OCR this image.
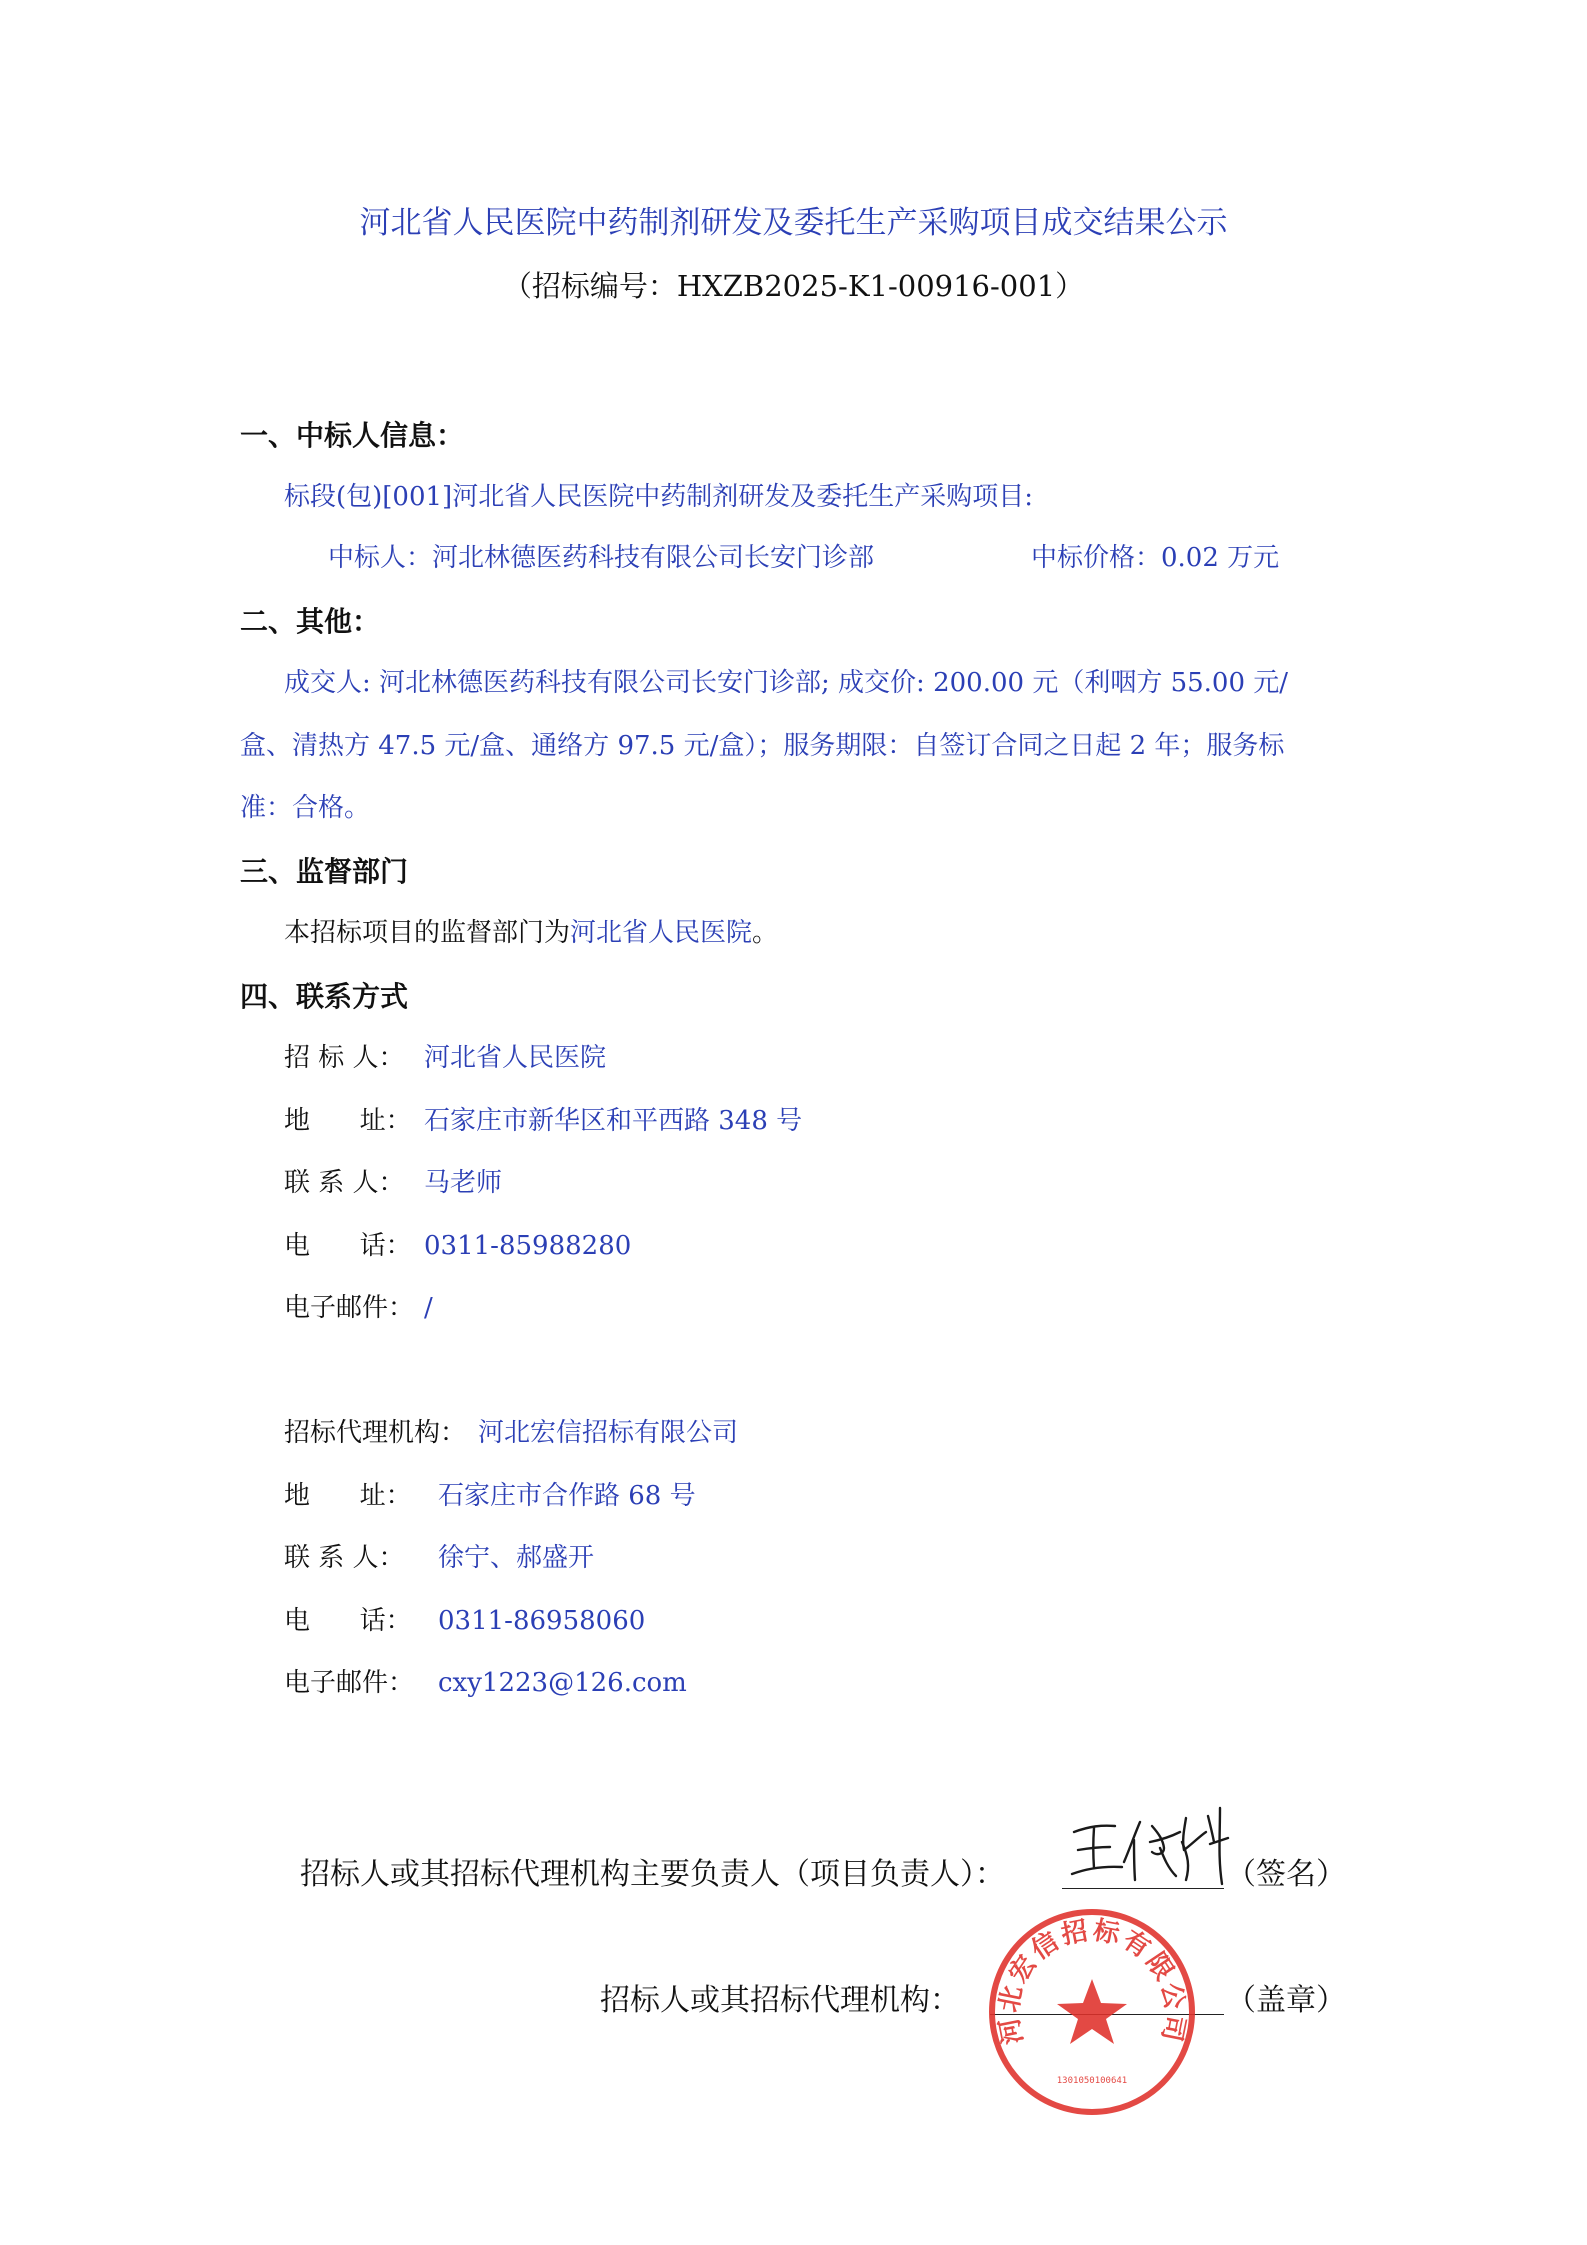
河北省人民医院中药制剂研发及委托生产采购项目成交结果公示
（招标编号：HXZB2025-K1-00916-001）
一、中标人信息：
标段(包)[001]河北省人民医院中药制剂研发及委托生产采购项目:
中标人：河北林德医药科技有限公司长安门诊部	中标价格：0.02 万元
二、其他：
成交人: 河北林德医药科技有限公司长安门诊部; 成交价: 200.00 元（利咽方 55.00 元/
盒、清热方 47.5 元/盒、通络方 97.5 元/盒）；服务期限：自签订合同之日起 2 年；服务标
准：合格。
三、监督部门
本招标项目的监督部门为河北省人民医院。
四、联系方式
招 标 人： 河北省人民医院
地      址： 石家庄市新华区和平西路 348 号
联 系 人： 马老师
电      话： 0311-85988280
电子邮件： /
招标代理机构： 河北宏信招标有限公司
地      址： 石家庄市合作路 68 号
联 系 人： 徐宁、郝盛开
电      话： 0311-86958060
电子邮件： cxy1223@126.com
招标人或其招标代理机构主要负责人（项目负责人）：	（签名）
招标人或其招标代理机构：	（盖章）
河北宏信招标有限公司
1301050100641
